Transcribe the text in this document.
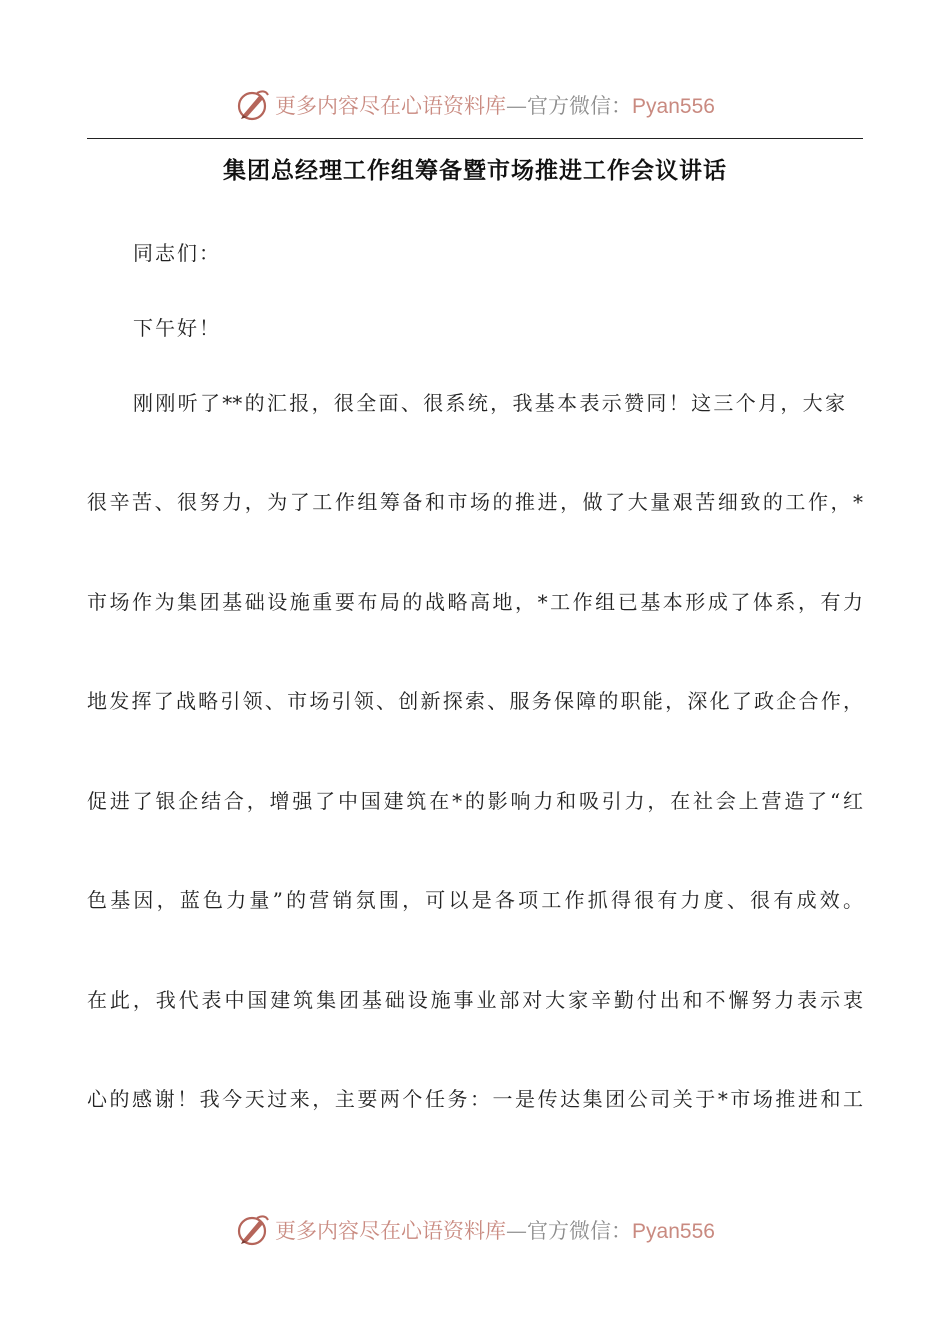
更多内容尽在心语资料库—官方微信：Pyan556
集团总经理工作组筹备暨市场推进工作会议讲话
同志们：
下午好！
刚刚听了**的汇报，很全面、很系统，我基本表示赞同！这三个月，大家
很辛苦、很努力，为了工作组筹备和市场的推进，做了大量艰苦细致的工作，*
市场作为集团基础设施重要布局的战略高地，*工作组已基本形成了体系，有力
地发挥了战略引领、市场引领、创新探索、服务保障的职能，深化了政企合作，
促进了银企结合，增强了中国建筑在*的影响力和吸引力，在社会上营造了“红
色基因，蓝色力量”的营销氛围，可以是各项工作抓得很有力度、很有成效。
在此，我代表中国建筑集团基础设施事业部对大家辛勤付出和不懈努力表示衷
心的感谢！我今天过来，主要两个任务：一是传达集团公司关于*市场推进和工
更多内容尽在心语资料库—官方微信：Pyan556
